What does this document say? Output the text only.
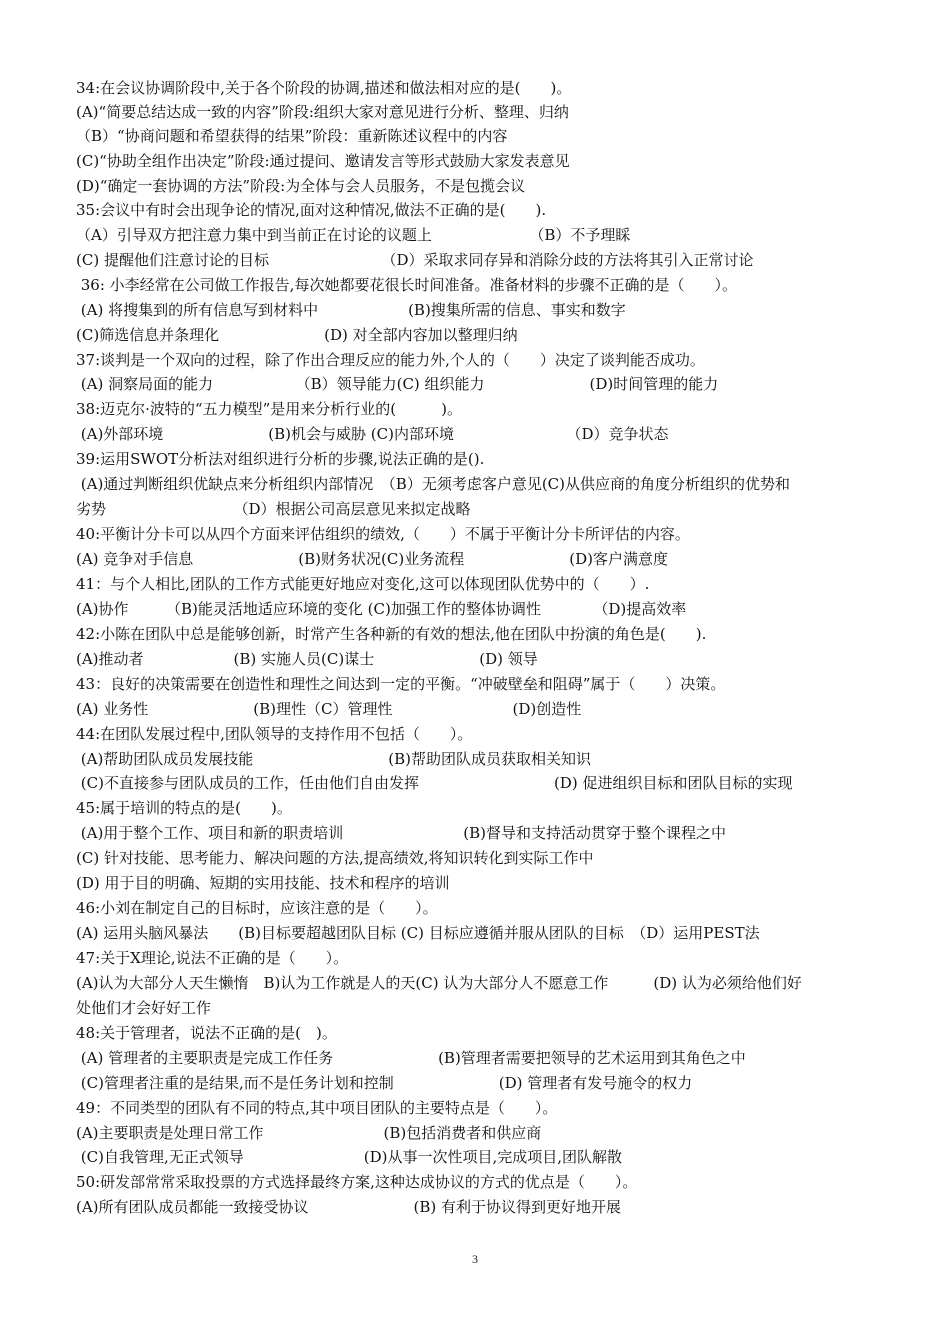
34:在会议协调阶段中,关于各个阶段的协调,描述和做法相对应的是(　　)。
(A)“简要总结达成一致的内容”阶段:组织大家对意见进行分析、整理、归纳
（B）“协商问题和希望获得的结果”阶段：重新陈述议程中的内容
(C)“协助全组作出决定”阶段:通过提问、邀请发言等形式鼓励大家发表意见
(D)“确定一套协调的方法”阶段:为全体与会人员服务，不是包揽会议
35:会议中有时会出现争论的情况,面对这种情况,做法不正确的是(　　).
（A）引导双方把注意力集中到当前正在讨论的议题上　　　　　　　（B）不予理睬
(C) 提醒他们注意讨论的目标　　　　　　　　（D）采取求同存异和消除分歧的方法将其引入正常讨论
36: 小李经常在公司做工作报告,每次她都要花很长时间准备。准备材料的步骤不正确的是（　　）。
(A) 将搜集到的所有信息写到材料中　　　　　　(B)搜集所需的信息、事实和数字
(C)筛选信息并条理化　　　　　　　(D) 对全部内容加以整理归纳
37:谈判是一个双向的过程，除了作出合理反应的能力外,个人的（　　）决定了谈判能否成功。
(A) 洞察局面的能力　　　　　　（B）领导能力(C) 组织能力　　　　　　　(D)时间管理的能力
38:迈克尔·波特的“五力模型”是用来分析行业的(　　　)。
(A)外部环境　　　　　　　(B)机会与威胁 (C)内部环境　　　　　　　　（D）竞争状态
39:运用SWOT分析法对组织进行分析的步骤,说法正确的是().
(A)通过判断组织优缺点来分析组织内部情况　（B）无须考虑客户意见(C)从供应商的角度分析组织的优势和
劣势　　　　　　　　　（D）根据公司高层意见来拟定战略
40:平衡计分卡可以从四个方面来评估组织的绩效,（　　）不属于平衡计分卡所评估的内容。
(A) 竞争对手信息　　　　　　　(B)财务状况(C)业务流程　　　　　　　(D)客户满意度
41：与个人相比,团队的工作方式能更好地应对变化,这可以体现团队优势中的（　　）.
(A)协作　　　（B)能灵活地适应环境的变化 (C)加强工作的整体协调性　　　　（D)提高效率
42:小陈在团队中总是能够创新，时常产生各种新的有效的想法,他在团队中扮演的角色是(　　).
(A)推动者　　　　　　(B) 实施人员(C)谋士　　　　　　　(D) 领导
43：良好的决策需要在创造性和理性之间达到一定的平衡。“冲破壁垒和阻碍”属于（　　）决策。
(A) 业务性　　　　　　　(B)理性（C）管理性　　　　　　　　(D)创造性
44:在团队发展过程中,团队领导的支持作用不包括（　　）。
(A)帮助团队成员发展技能　　　　　　　　　(B)帮助团队成员获取相关知识
(C)不直接参与团队成员的工作，任由他们自由发挥　　　　　　　　　(D) 促进组织目标和团队目标的实现
45:属于培训的特点的是(　　)。
(A)用于整个工作、项目和新的职责培训　　　　　　　　(B)督导和支持活动贯穿于整个课程之中
(C) 针对技能、思考能力、解决问题的方法,提高绩效,将知识转化到实际工作中
(D) 用于目的明确、短期的实用技能、技术和程序的培训
46:小刘在制定自己的目标时，应该注意的是（　　）。
(A) 运用头脑风暴法　　(B)目标要超越团队目标 (C) 目标应遵循并服从团队的目标　（D）运用PEST法
47:关于X理论,说法不正确的是（　　）。
(A)认为大部分人天生懒惰　B)认为工作就是人的天(C) 认为大部分人不愿意工作　　　(D) 认为必须给他们好
处他们才会好好工作
48:关于管理者，说法不正确的是(　)。
(A) 管理者的主要职责是完成工作任务　　　　　　　(B)管理者需要把领导的艺术运用到其角色之中
(C)管理者注重的是结果,而不是任务计划和控制　　　　　　　(D) 管理者有发号施令的权力
49：不同类型的团队有不同的特点,其中项目团队的主要特点是（　　）。
(A)主要职责是处理日常工作　　　　　　　　(B)包括消费者和供应商
(C)自我管理,无正式领导　　　　　　　　(D)从事一次性项目,完成项目,团队解散
50:研发部常常采取投票的方式选择最终方案,这种达成协议的方式的优点是（　　）。
(A)所有团队成员都能一致接受协议　　　　　　　(B) 有利于协议得到更好地开展
3
